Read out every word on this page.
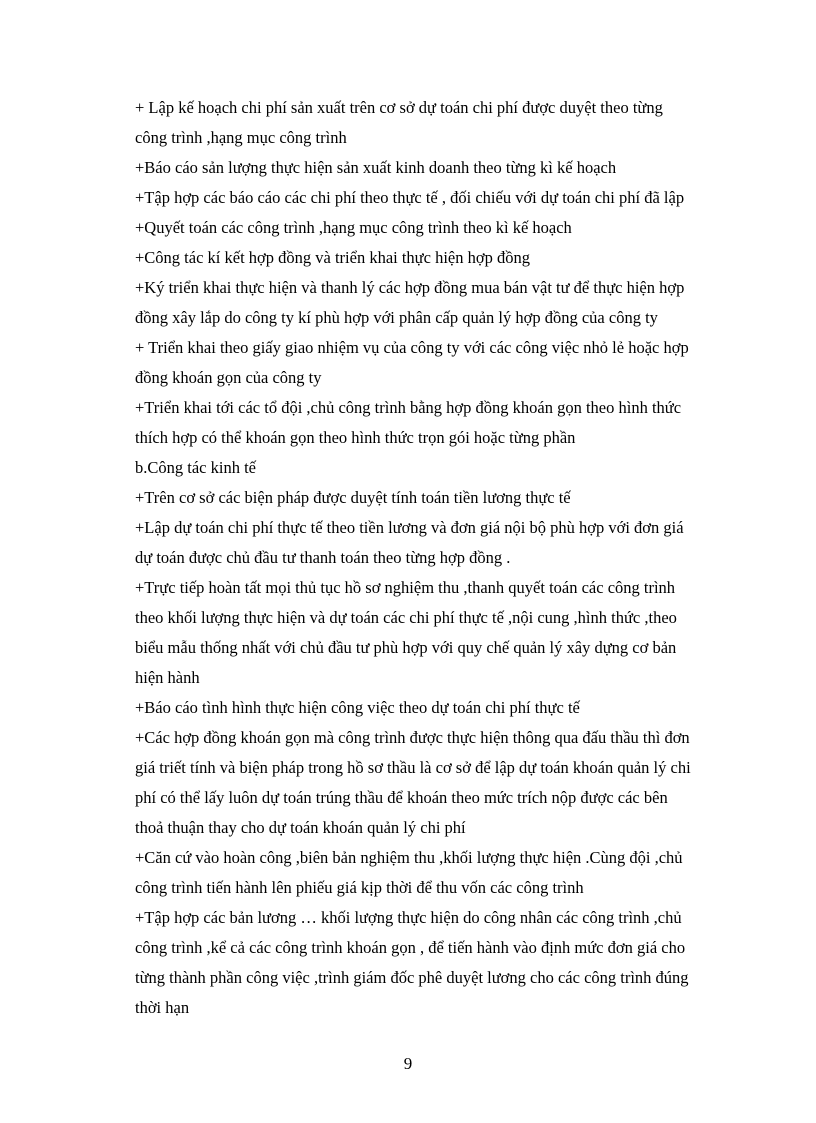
+ Lập kế hoạch chi phí sản xuất trên cơ sở dự toán chi phí được duyệt theo từng
công trình ,hạng mục công trình
+Báo cáo sản lượng thực hiện sản xuất kinh doanh theo từng kì kế hoạch
+Tập hợp các báo cáo các chi phí theo thực tế , đối chiếu với dự toán chi phí đã lập
+Quyết toán các công trình ,hạng mục công trình theo kì kế hoạch
+Công tác kí kết hợp đồng và triển khai thực hiện hợp đồng
+Ký triển khai thực hiện và thanh lý các hợp đồng mua bán vật tư để thực hiện hợp
đồng xây lắp do công ty kí phù hợp với phân cấp quản lý hợp đồng của công ty
+ Triển khai theo giấy giao nhiệm vụ của công ty với các công việc nhỏ lẻ hoặc hợp
đồng khoán gọn của công ty
+Triển khai tới các tổ đội ,chủ công trình bằng hợp đồng khoán gọn theo hình thức
thích hợp có thể khoán gọn theo hình thức trọn gói hoặc từng phần
b.Công tác kinh tế
+Trên cơ sở các biện pháp được duyệt tính toán tiền lương thực tế
+Lập dự toán chi phí thực tế theo tiền lương và đơn giá nội bộ phù hợp với đơn giá
dự toán được chủ đầu tư thanh toán theo từng hợp đồng .
+Trực tiếp hoàn tất mọi thủ tục hồ sơ nghiệm thu ,thanh quyết toán các công trình
theo khối lượng thực hiện và dự toán các chi phí thực tế ,nội cung ,hình thức ,theo
biểu mẫu thống nhất với chủ đầu tư phù hợp với quy chế quản lý xây dựng cơ bản
hiện hành
+Báo cáo tình hình thực hiện công việc theo dự toán chi phí thực tế
+Các hợp đồng khoán gọn mà công trình được thực hiện thông qua đấu thầu thì đơn
giá triết tính và biện pháp trong hồ sơ thầu là cơ sở để lập dự toán khoán quản lý chi
phí có thể lấy luôn dự toán trúng thầu để khoán theo mức trích nộp được các bên
thoả thuận thay cho dự toán khoán quản lý chi phí
+Căn cứ vào hoàn công ,biên bản nghiệm thu ,khối lượng thực hiện .Cùng đội ,chủ
công trình tiến hành lên phiếu giá kịp thời để thu vốn các công trình
+Tập hợp các bản lương … khối lượng thực hiện do công nhân các công trình ,chủ
công trình ,kể cả các công trình khoán gọn , để tiến hành vào định mức đơn giá cho
từng thành phần công việc ,trình giám đốc phê duyệt lương cho các công trình đúng
thời hạn
9
